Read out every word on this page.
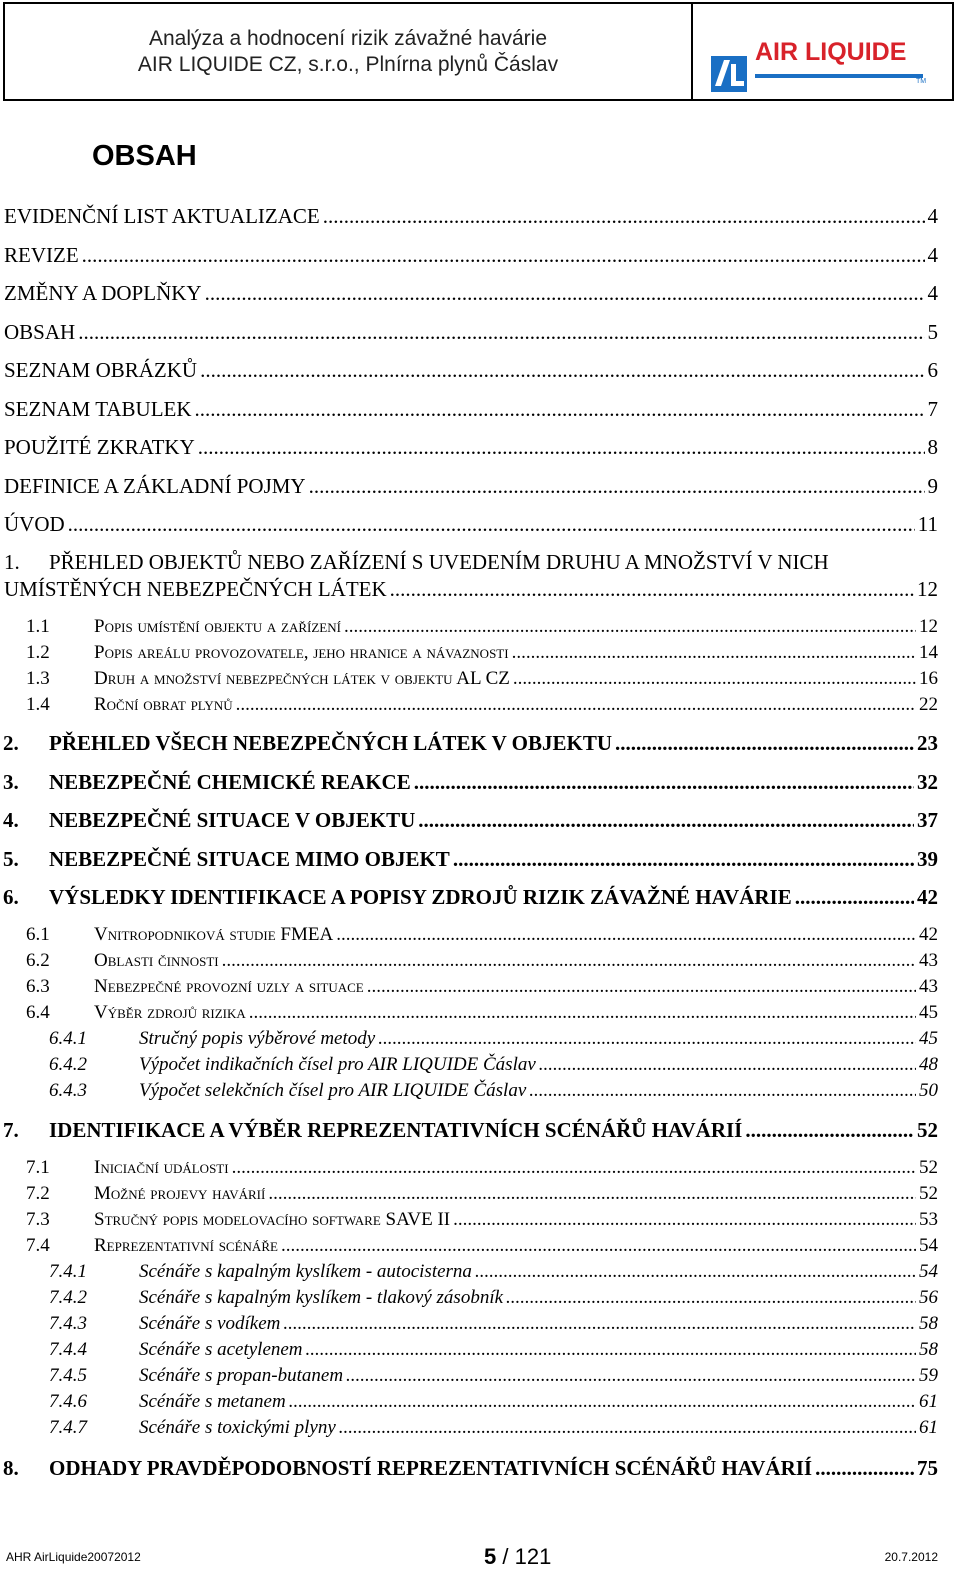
Analýza a hodnocení rizik závažné havárie
AIR LIQUIDE CZ, s.r.o., Plnírna plynů Čáslav	AIR LIQUIDE
TM
OBSAH
EVIDENČNÍ LIST AKTUALIZACE .....	4
REVIZE .....	4
ZMĚNY A DOPLŇKY .....	4
OBSAH .....	5
SEZNAM OBRÁZKŮ .....	6
SEZNAM TABULEK .....	7
POUŽITÉ ZKRATKY .....	8
DEFINICE A ZÁKLADNÍ POJMY .....	9
ÚVOD .....	11
1. PŘEHLED OBJEKTŮ NEBO ZAŘÍZENÍ S UVEDENÍM DRUHU A MNOŽSTVÍ V NICH
UMÍSTĚNÝCH NEBEZPEČNÝCH LÁTEK .....	12
1.1	Popis umístění objektu a zařízení .....	12
1.2	Popis areálu provozovatele, jeho hranice a návaznosti .....	14
1.3	Druh a množství nebezpečných látek v objektu AL CZ .....	16
1.4	Roční obrat plynů .....	22
2.	PŘEHLED VŠECH NEBEZPEČNÝCH LÁTEK V OBJEKTU .....	23
3.	NEBEZPEČNÉ CHEMICKÉ REAKCE .....	32
4.	NEBEZPEČNÉ SITUACE V OBJEKTU .....	37
5.	NEBEZPEČNÉ SITUACE MIMO OBJEKT .....	39
6.	VÝSLEDKY IDENTIFIKACE A POPISY ZDROJŮ RIZIK ZÁVAŽNÉ HAVÁRIE .....	42
6.1	Vnitropodniková studie FMEA .....	42
6.2	Oblasti činnosti .....	43
6.3	Nebezpečné provozní uzly a situace .....	43
6.4	Výběr zdrojů rizika .....	45
6.4.1	Stručný popis výběrové metody .....	45
6.4.2	Výpočet indikačních čísel pro AIR LIQUIDE Čáslav .....	48
6.4.3	Výpočet selekčních čísel pro AIR LIQUIDE Čáslav .....	50
7.	IDENTIFIKACE A VÝBĚR REPREZENTATIVNÍCH SCÉNÁŘŮ HAVÁRIÍ .....	52
7.1	Iniciační události .....	52
7.2	Možné projevy havárií .....	52
7.3	Stručný popis modelovacího software SAVE II .....	53
7.4	Reprezentativní scénáře .....	54
7.4.1	Scénáře s kapalným kyslíkem - autocisterna .....	54
7.4.2	Scénáře s kapalným kyslíkem - tlakový zásobník .....	56
7.4.3	Scénáře s vodíkem .....	58
7.4.4	Scénáře s acetylenem .....	58
7.4.5	Scénáře s propan-butanem .....	59
7.4.6	Scénáře s metanem .....	61
7.4.7	Scénáře s toxickými plyny .....	61
8.	ODHADY PRAVDĚPODOBNOSTÍ REPREZENTATIVNÍCH SCÉNÁŘŮ HAVÁRIÍ .....	75
AHR AirLiquide20072012	5 / 121	20.7.2012
